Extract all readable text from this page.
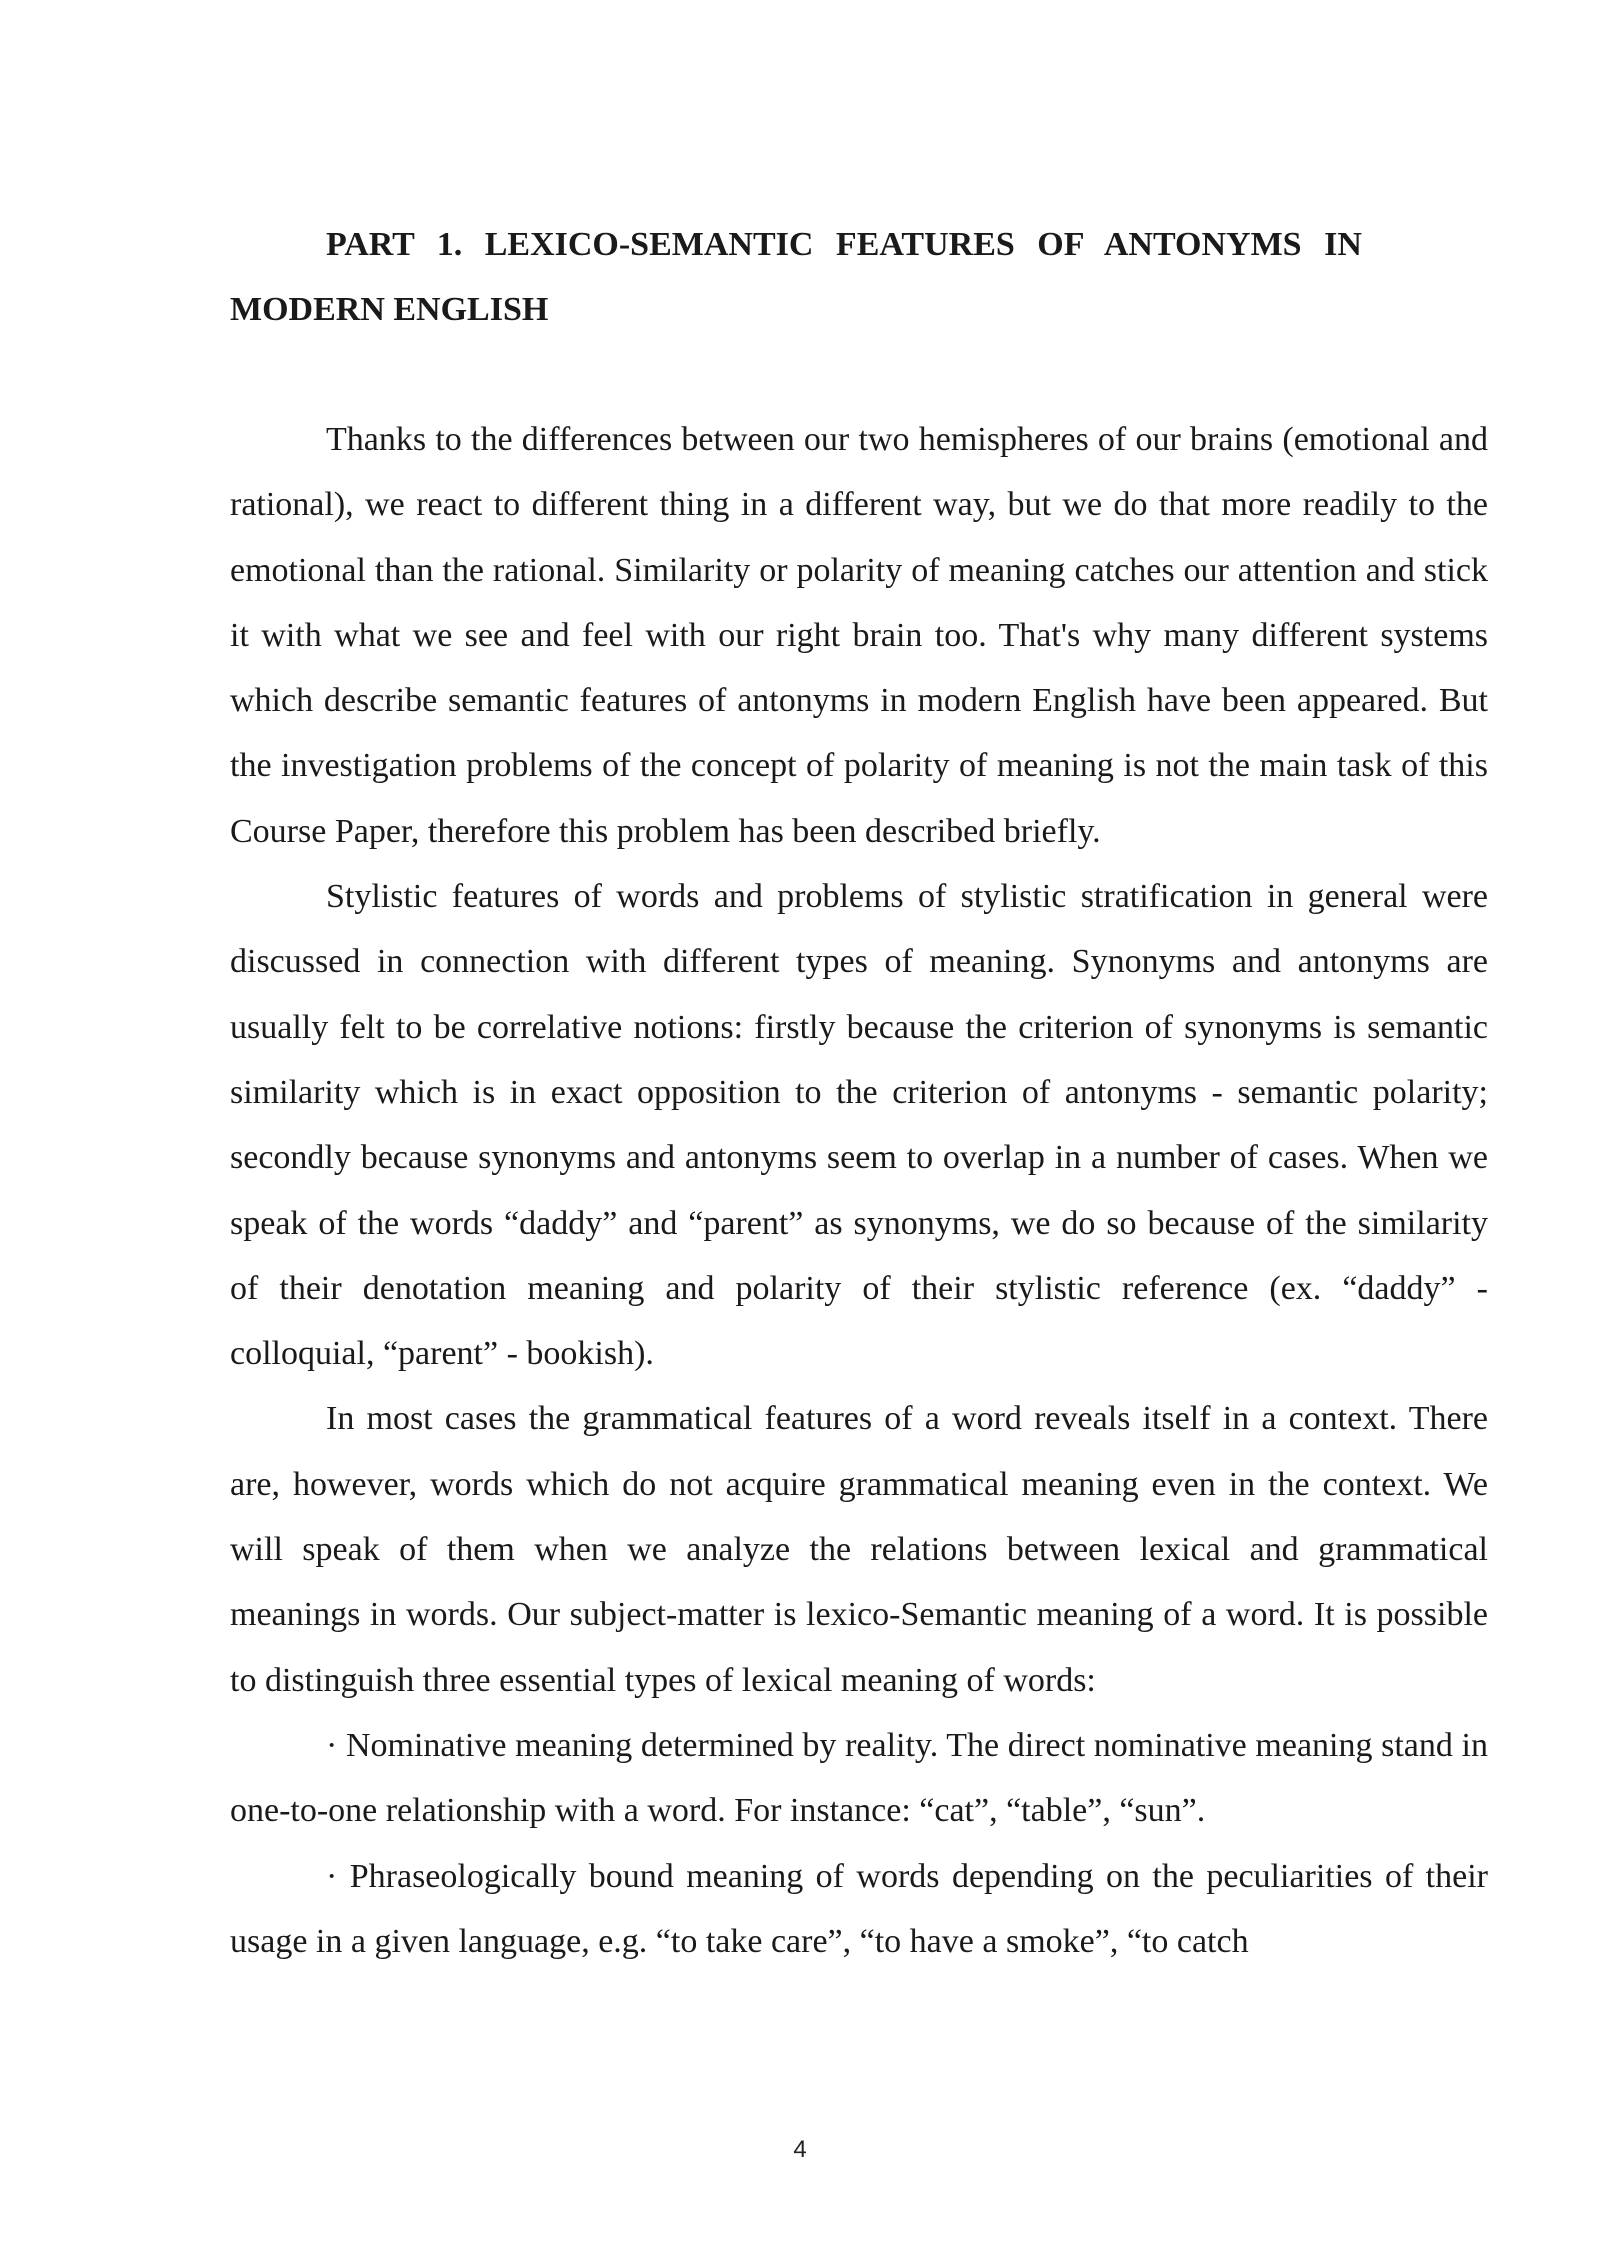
PART 1. LEXICO-SEMANTIC FEATURES OF ANTONYMS IN

MODERN ENGLISH

Thanks to the differences between our two hemispheres of our brains (emotional and rational), we react to different thing in a different way, but we do that more readily to the emotional than the rational. Similarity or polarity of meaning catches our attention and stick it with what we see and feel with our right brain too. That's why many different systems which describe semantic features of antonyms in modern English have been appeared. But the investigation problems of the concept of polarity of meaning is not the main task of this Course Paper, therefore this problem has been described briefly.

Stylistic features of words and problems of stylistic stratification in general were discussed in connection with different types of meaning. Synonyms and antonyms are usually felt to be correlative notions: firstly because the criterion of synonyms is semantic similarity which is in exact opposition to the criterion of antonyms - semantic polarity; secondly because synonyms and antonyms seem to overlap in a number of cases. When we speak of the words “daddy” and “parent” as synonyms, we do so because of the similarity of their denotation meaning and polarity of their stylistic reference (ex. “daddy” - colloquial, “parent” - bookish).

In most cases the grammatical features of a word reveals itself in a context. There are, however, words which do not acquire grammatical meaning even in the context. We will speak of them when we analyze the relations between lexical and grammatical meanings in words. Our subject-matter is lexico-Semantic meaning of a word. It is possible to distinguish three essential types of lexical meaning of words:

· Nominative meaning determined by reality. The direct nominative meaning stand in one-to-one relationship with a word. For instance: “cat”, “table”, “sun”.

· Phraseologically bound meaning of words depending on the peculiarities of their usage in a given language, e.g. “to take care”, “to have a smoke”, “to catch

4
